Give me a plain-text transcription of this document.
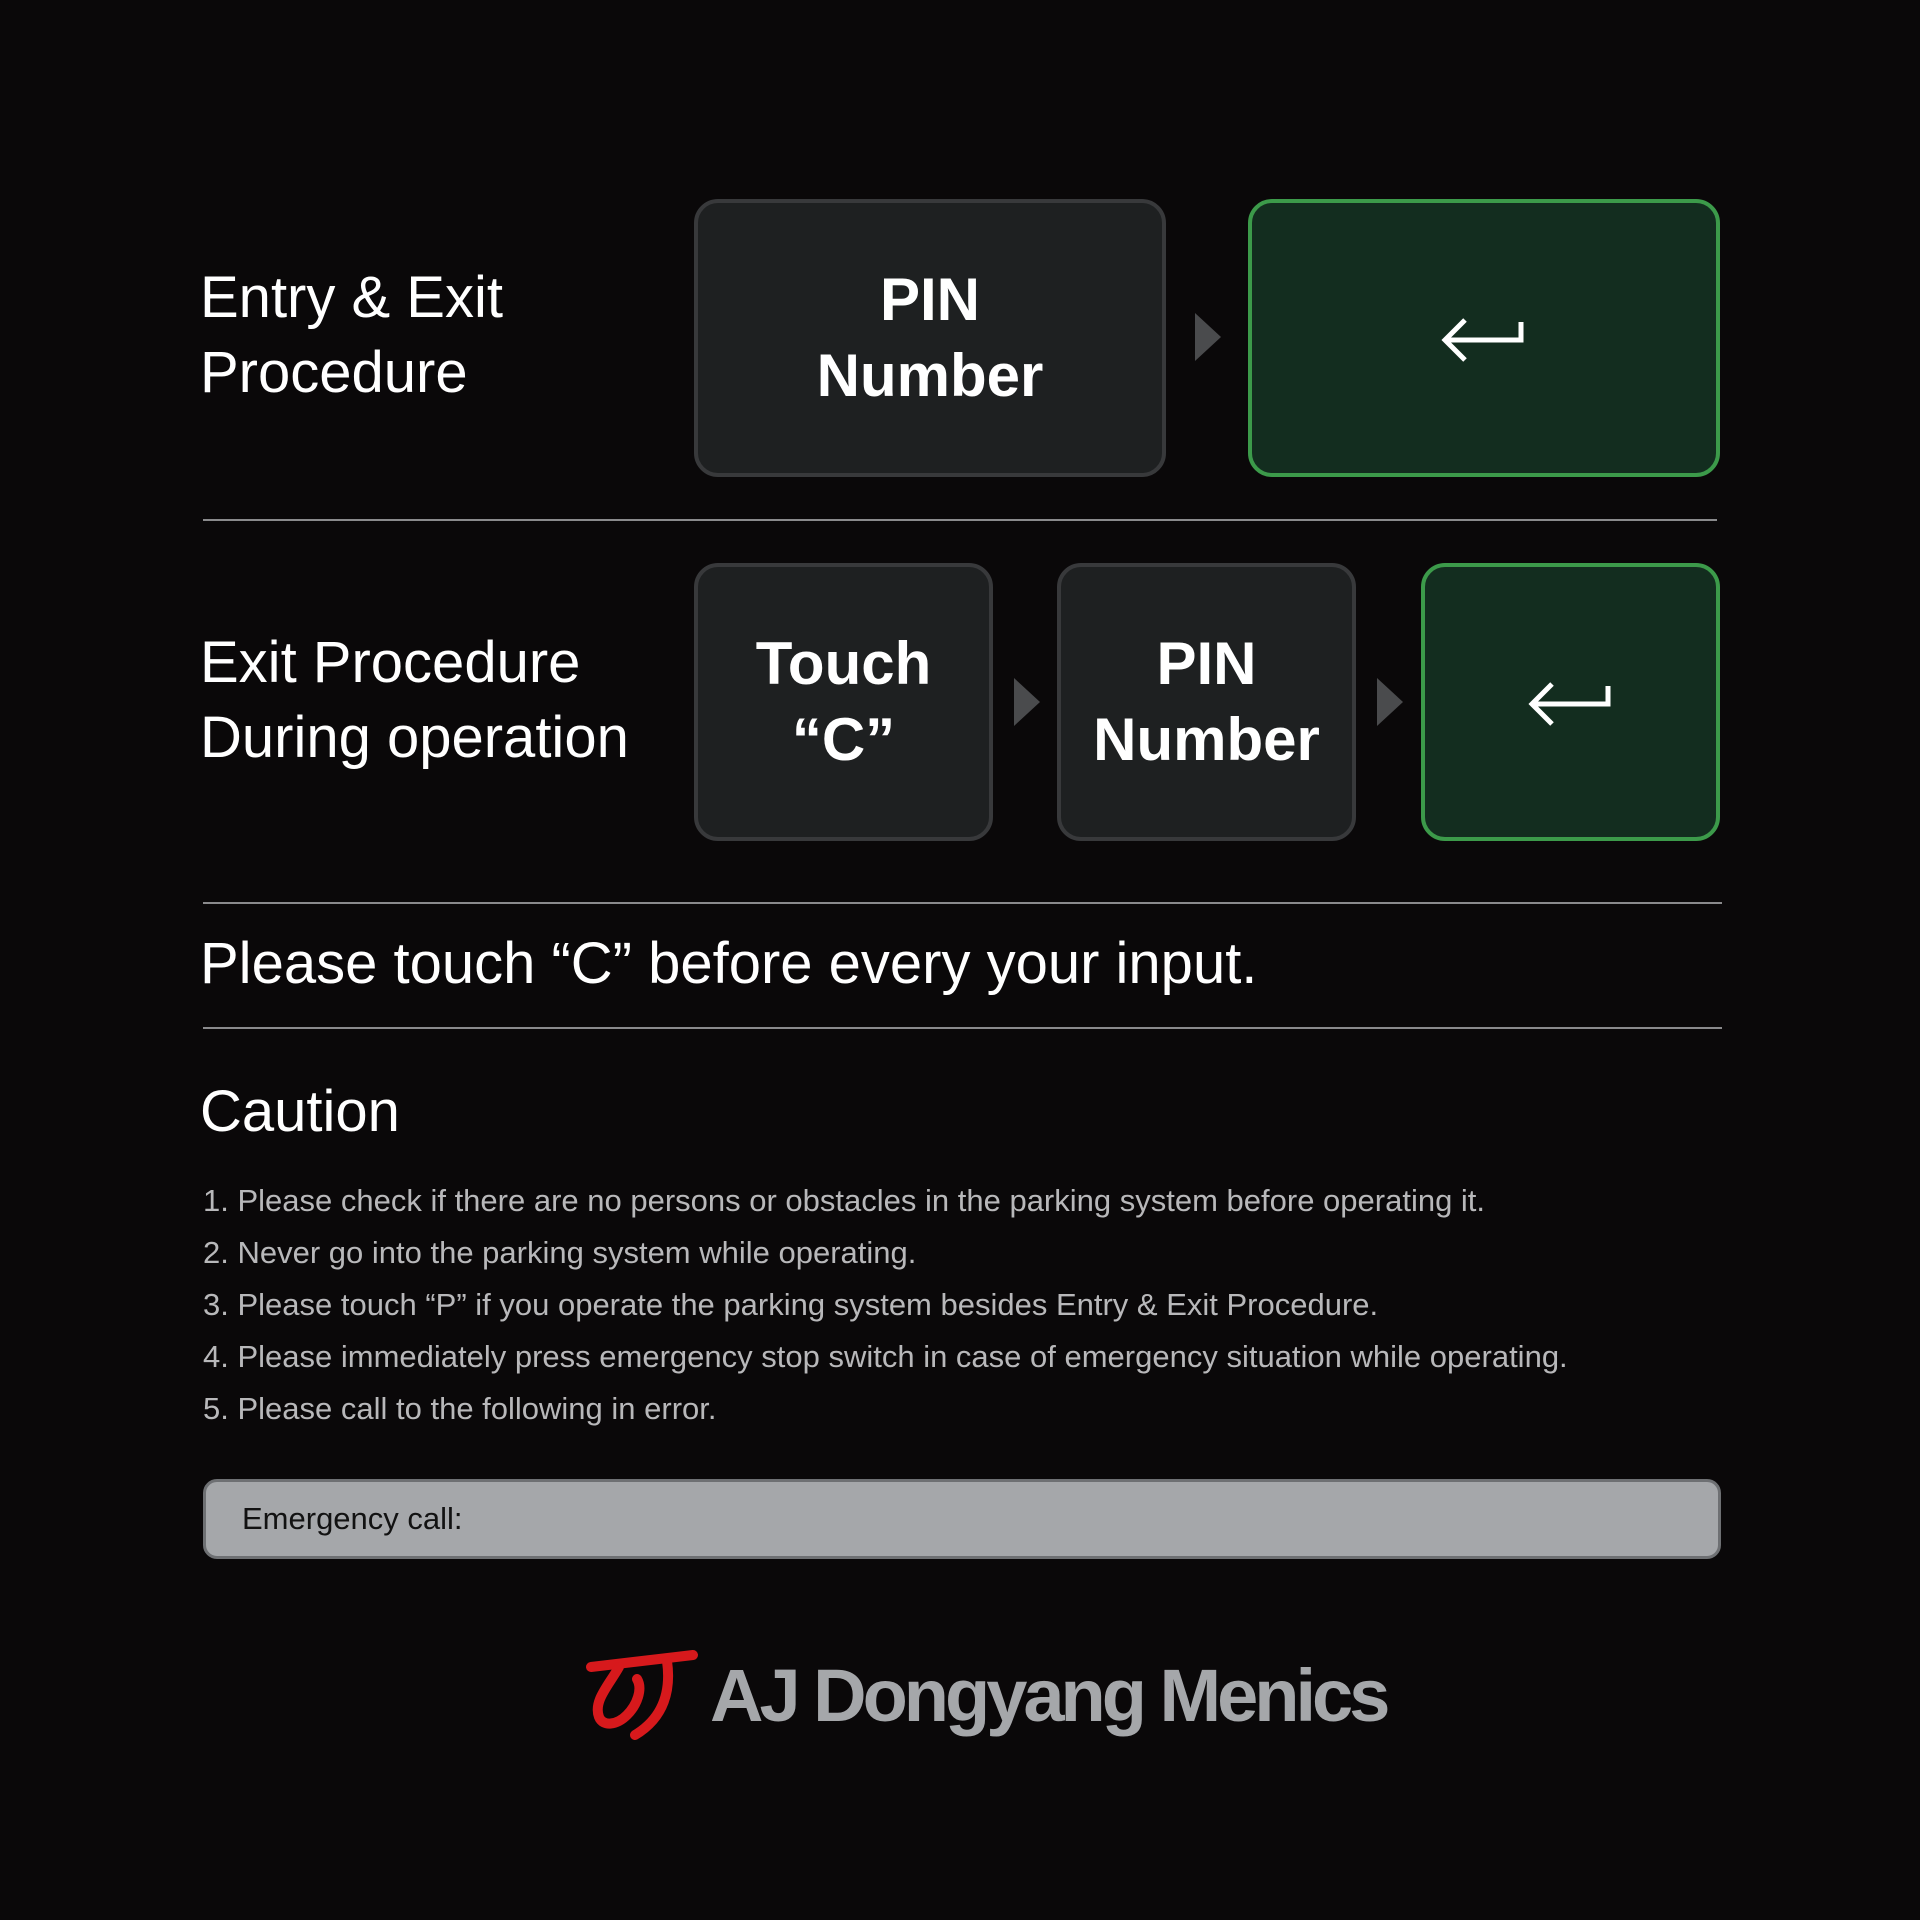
Entry & Exit
Procedure
PIN
Number
Exit Procedure
During operation
Touch “C”
PIN
Number
Please touch “C” before every your input.
Caution
1. Please check if there are no persons or obstacles in the parking system before operating it.
2. Never go into the parking system while operating.
3. Please touch “P” if you operate the parking system besides Entry & Exit Procedure.
4. Please immediately press emergency stop switch in case of emergency situation while operating.
5. Please call to the following in error.
Emergency call:
AJ Dongyang Menics
